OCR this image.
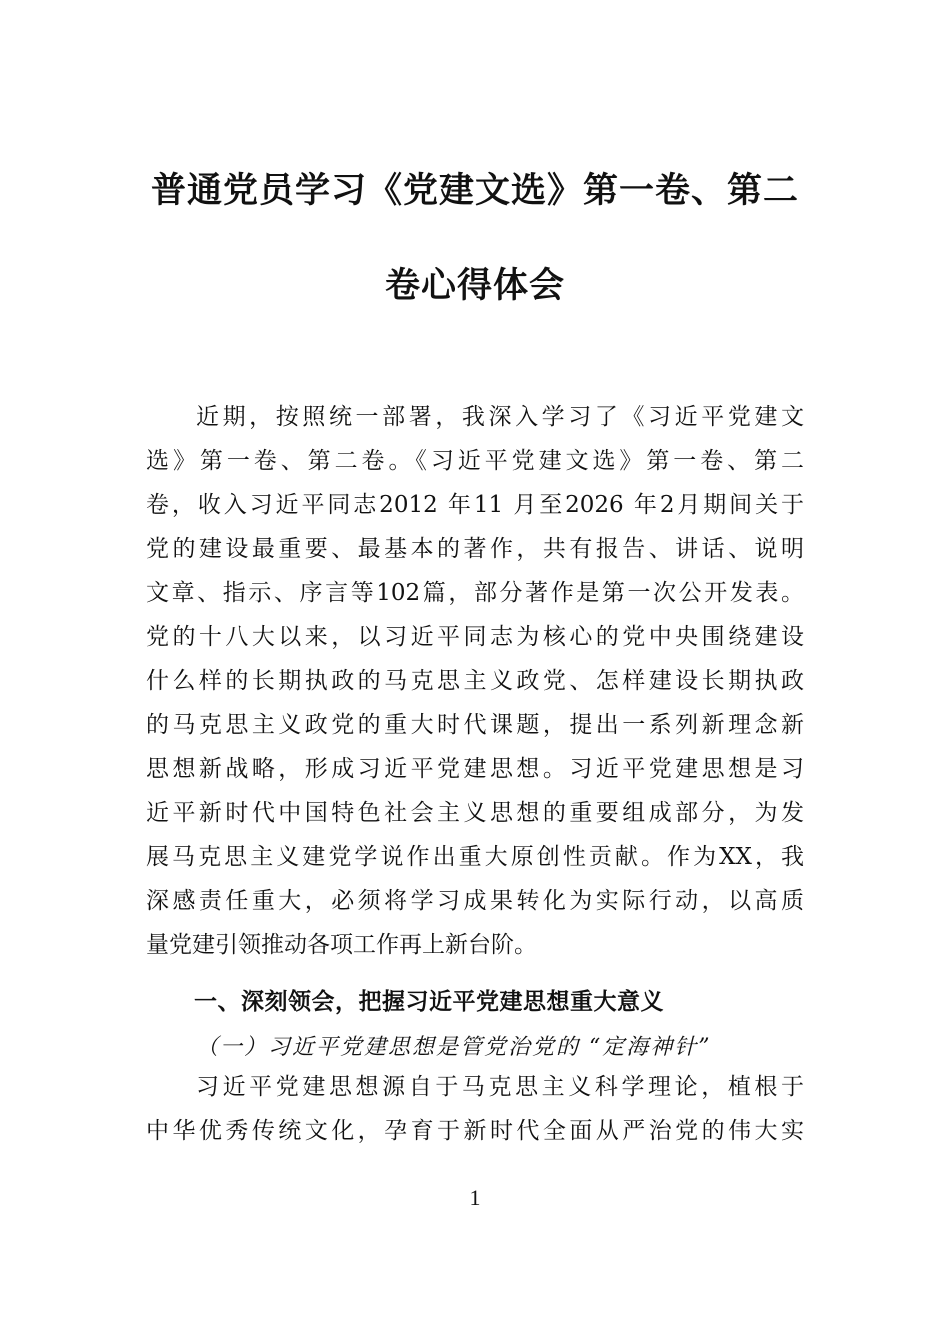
普通党员学习《党建文选》第一卷、第二
卷心得体会
近期，按照统一部署，我深入学习了《习近平党建文
选》第一卷、第二卷。《习近平党建文选》第一卷、第二
卷，收入习近平同志2012 年11 月至2026 年2月期间关于
党的建设最重要、最基本的著作，共有报告、讲话、说明
文章、指示、序言等102篇，部分著作是第一次公开发表。
党的十八大以来，以习近平同志为核心的党中央围绕建设
什么样的长期执政的马克思主义政党、怎样建设长期执政
的马克思主义政党的重大时代课题，提出一系列新理念新
思想新战略，形成习近平党建思想。习近平党建思想是习
近平新时代中国特色社会主义思想的重要组成部分，为发
展马克思主义建党学说作出重大原创性贡献。作为XX，我
深感责任重大，必须将学习成果转化为实际行动，以高质
量党建引领推动各项工作再上新台阶。
一、深刻领会，把握习近平党建思想重大意义
（一）习近平党建思想是管党治党的 “定海神针”
习近平党建思想源自于马克思主义科学理论，植根于
中华优秀传统文化，孕育于新时代全面从严治党的伟大实
1
